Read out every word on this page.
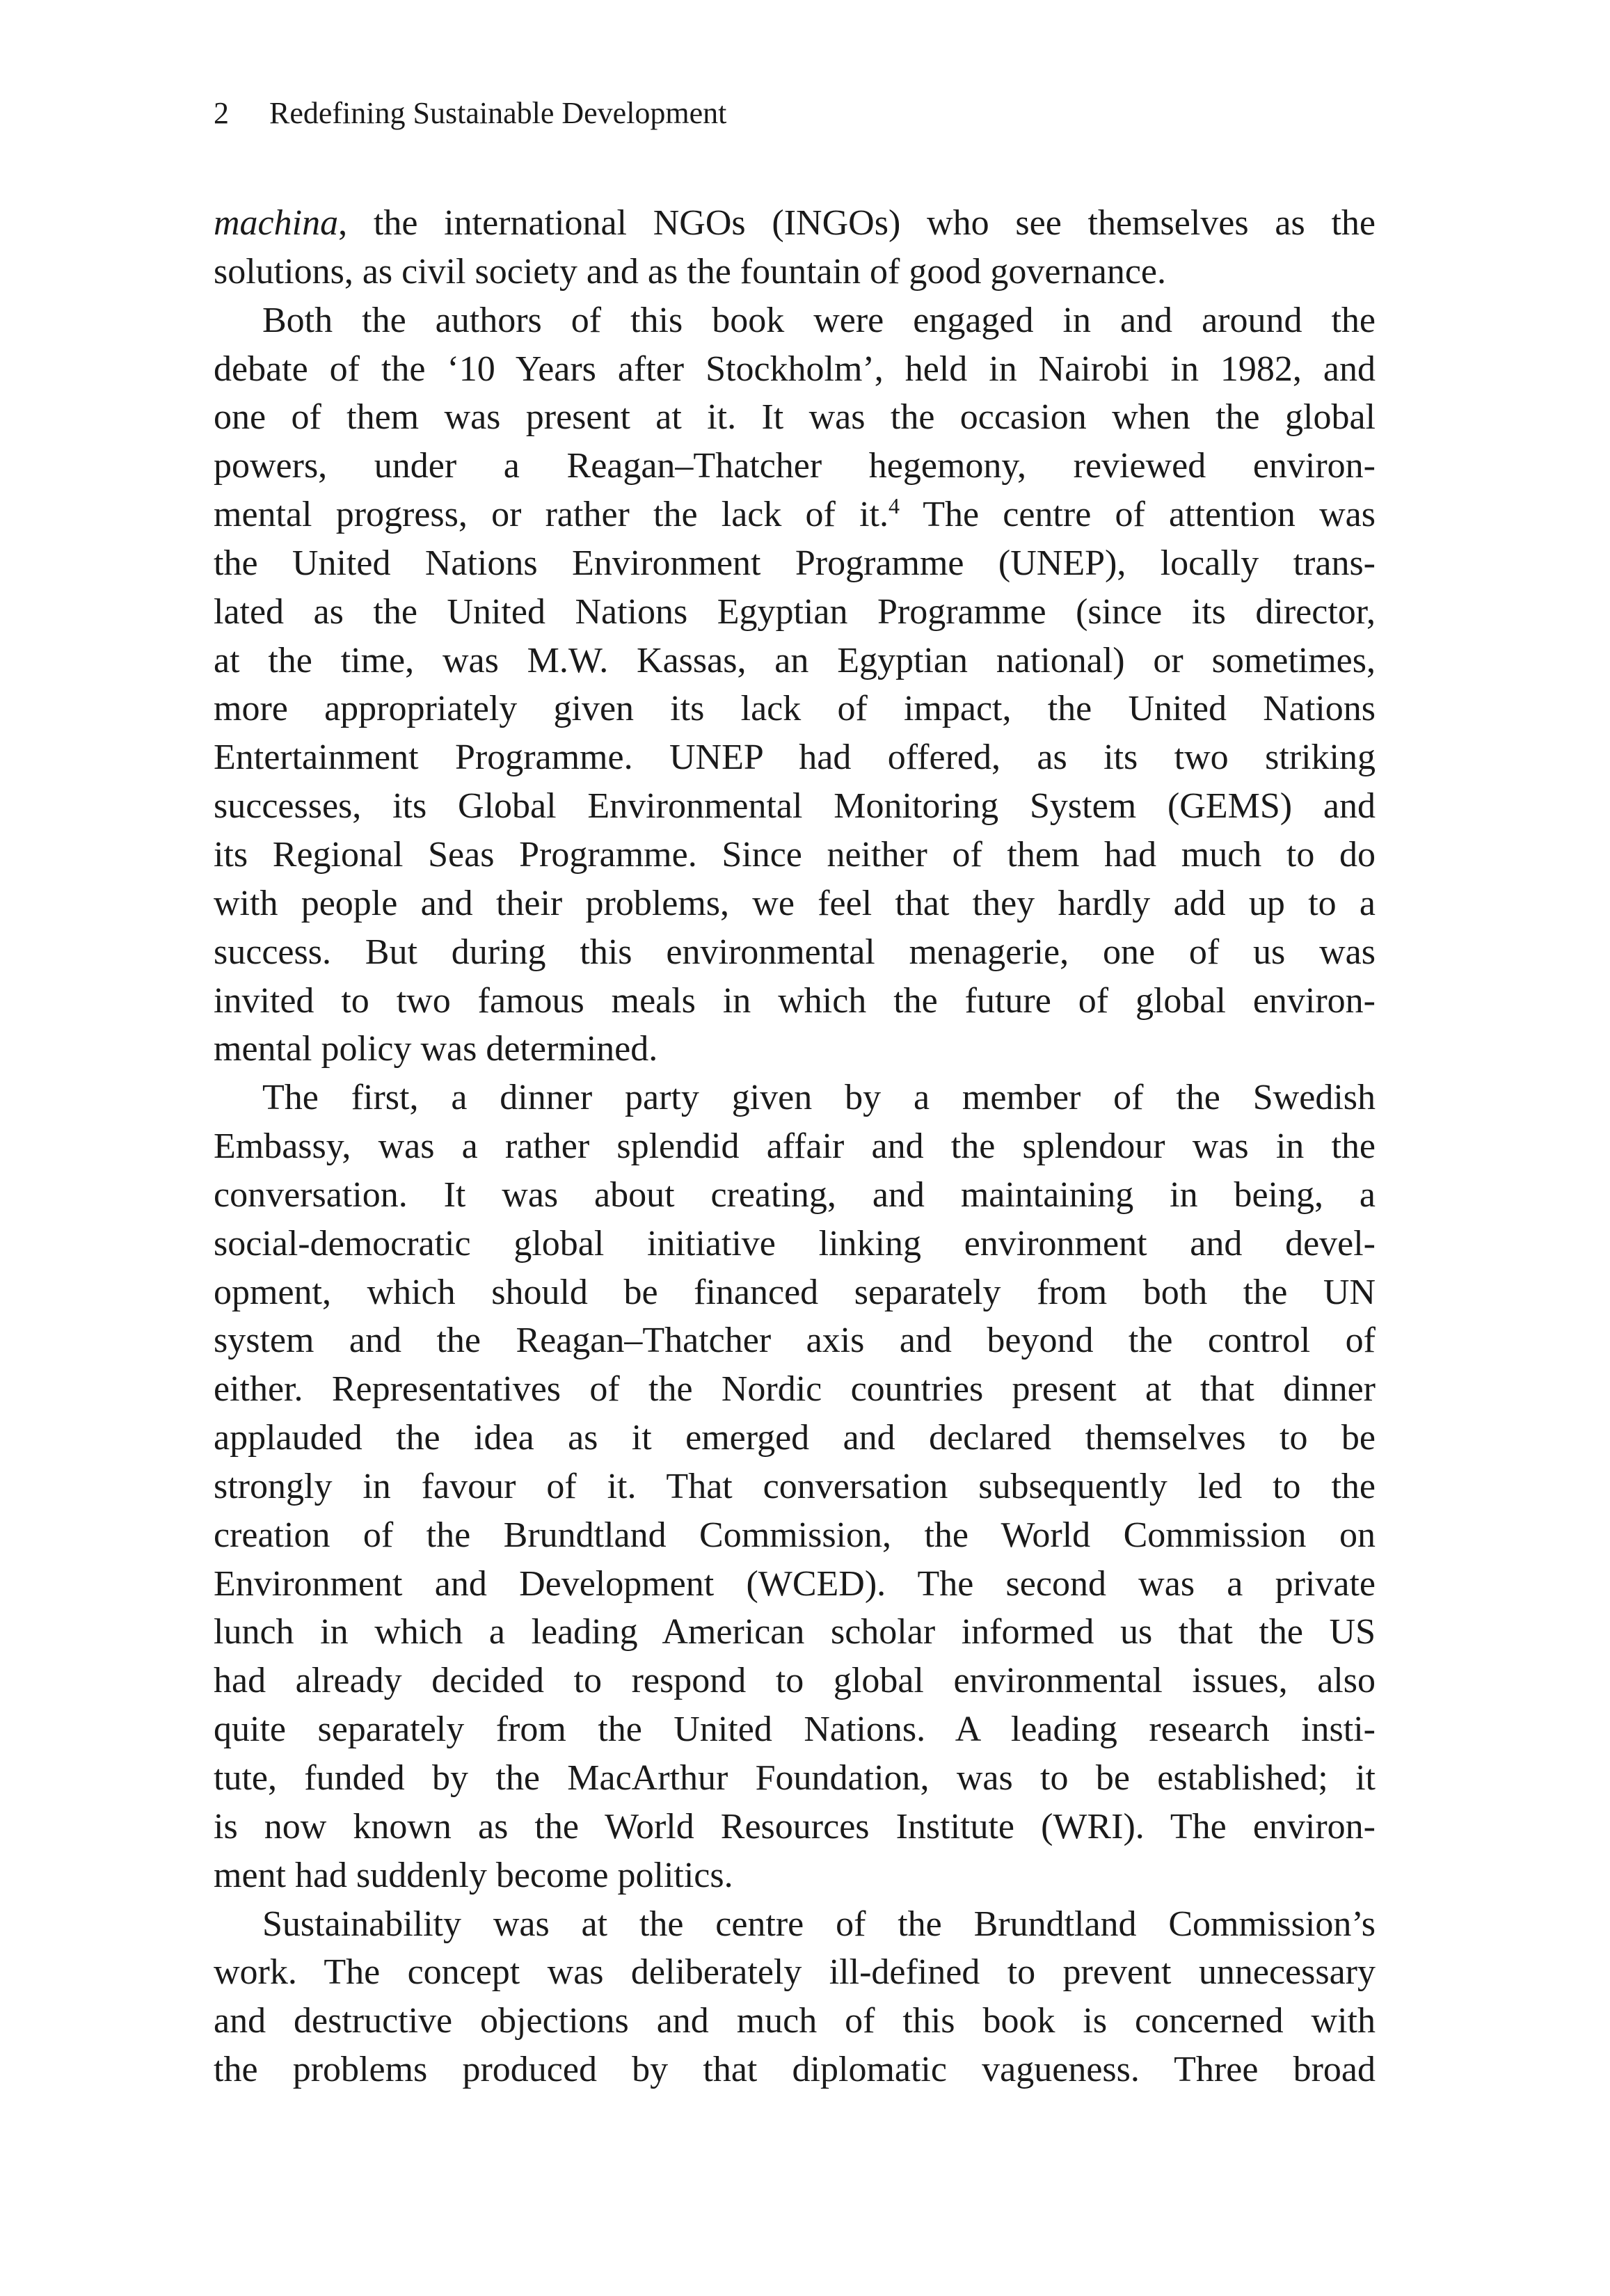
2 Redefining Sustainable Development
machina, the international NGOs (INGOs) who see themselves as the
solutions, as civil society and as the fountain of good governance.
Both the authors of this book were engaged in and around the
debate of the ‘10 Years after Stockholm’, held in Nairobi in 1982, and
one of them was present at it. It was the occasion when the global
powers, under a Reagan–Thatcher hegemony, reviewed environ-
mental progress, or rather the lack of it.$^4$ The centre of attention was
the United Nations Environment Programme (UNEP), locally trans-
lated as the United Nations Egyptian Programme (since its director,
at the time, was M.W. Kassas, an Egyptian national) or sometimes,
more appropriately given its lack of impact, the United Nations
Entertainment Programme. UNEP had offered, as its two striking
successes, its Global Environmental Monitoring System (GEMS) and
its Regional Seas Programme. Since neither of them had much to do
with people and their problems, we feel that they hardly add up to a
success. But during this environmental menagerie, one of us was
invited to two famous meals in which the future of global environ-
mental policy was determined.
The first, a dinner party given by a member of the Swedish
Embassy, was a rather splendid affair and the splendour was in the
conversation. It was about creating, and maintaining in being, a
social-democratic global initiative linking environment and devel-
opment, which should be financed separately from both the UN
system and the Reagan–Thatcher axis and beyond the control of
either. Representatives of the Nordic countries present at that dinner
applauded the idea as it emerged and declared themselves to be
strongly in favour of it. That conversation subsequently led to the
creation of the Brundtland Commission, the World Commission on
Environment and Development (WCED). The second was a private
lunch in which a leading American scholar informed us that the US
had already decided to respond to global environmental issues, also
quite separately from the United Nations. A leading research insti-
tute, funded by the MacArthur Foundation, was to be established; it
is now known as the World Resources Institute (WRI). The environ-
ment had suddenly become politics.
Sustainability was at the centre of the Brundtland Commission’s
work. The concept was deliberately ill-defined to prevent unnecessary
and destructive objections and much of this book is concerned with
the problems produced by that diplomatic vagueness. Three broad
